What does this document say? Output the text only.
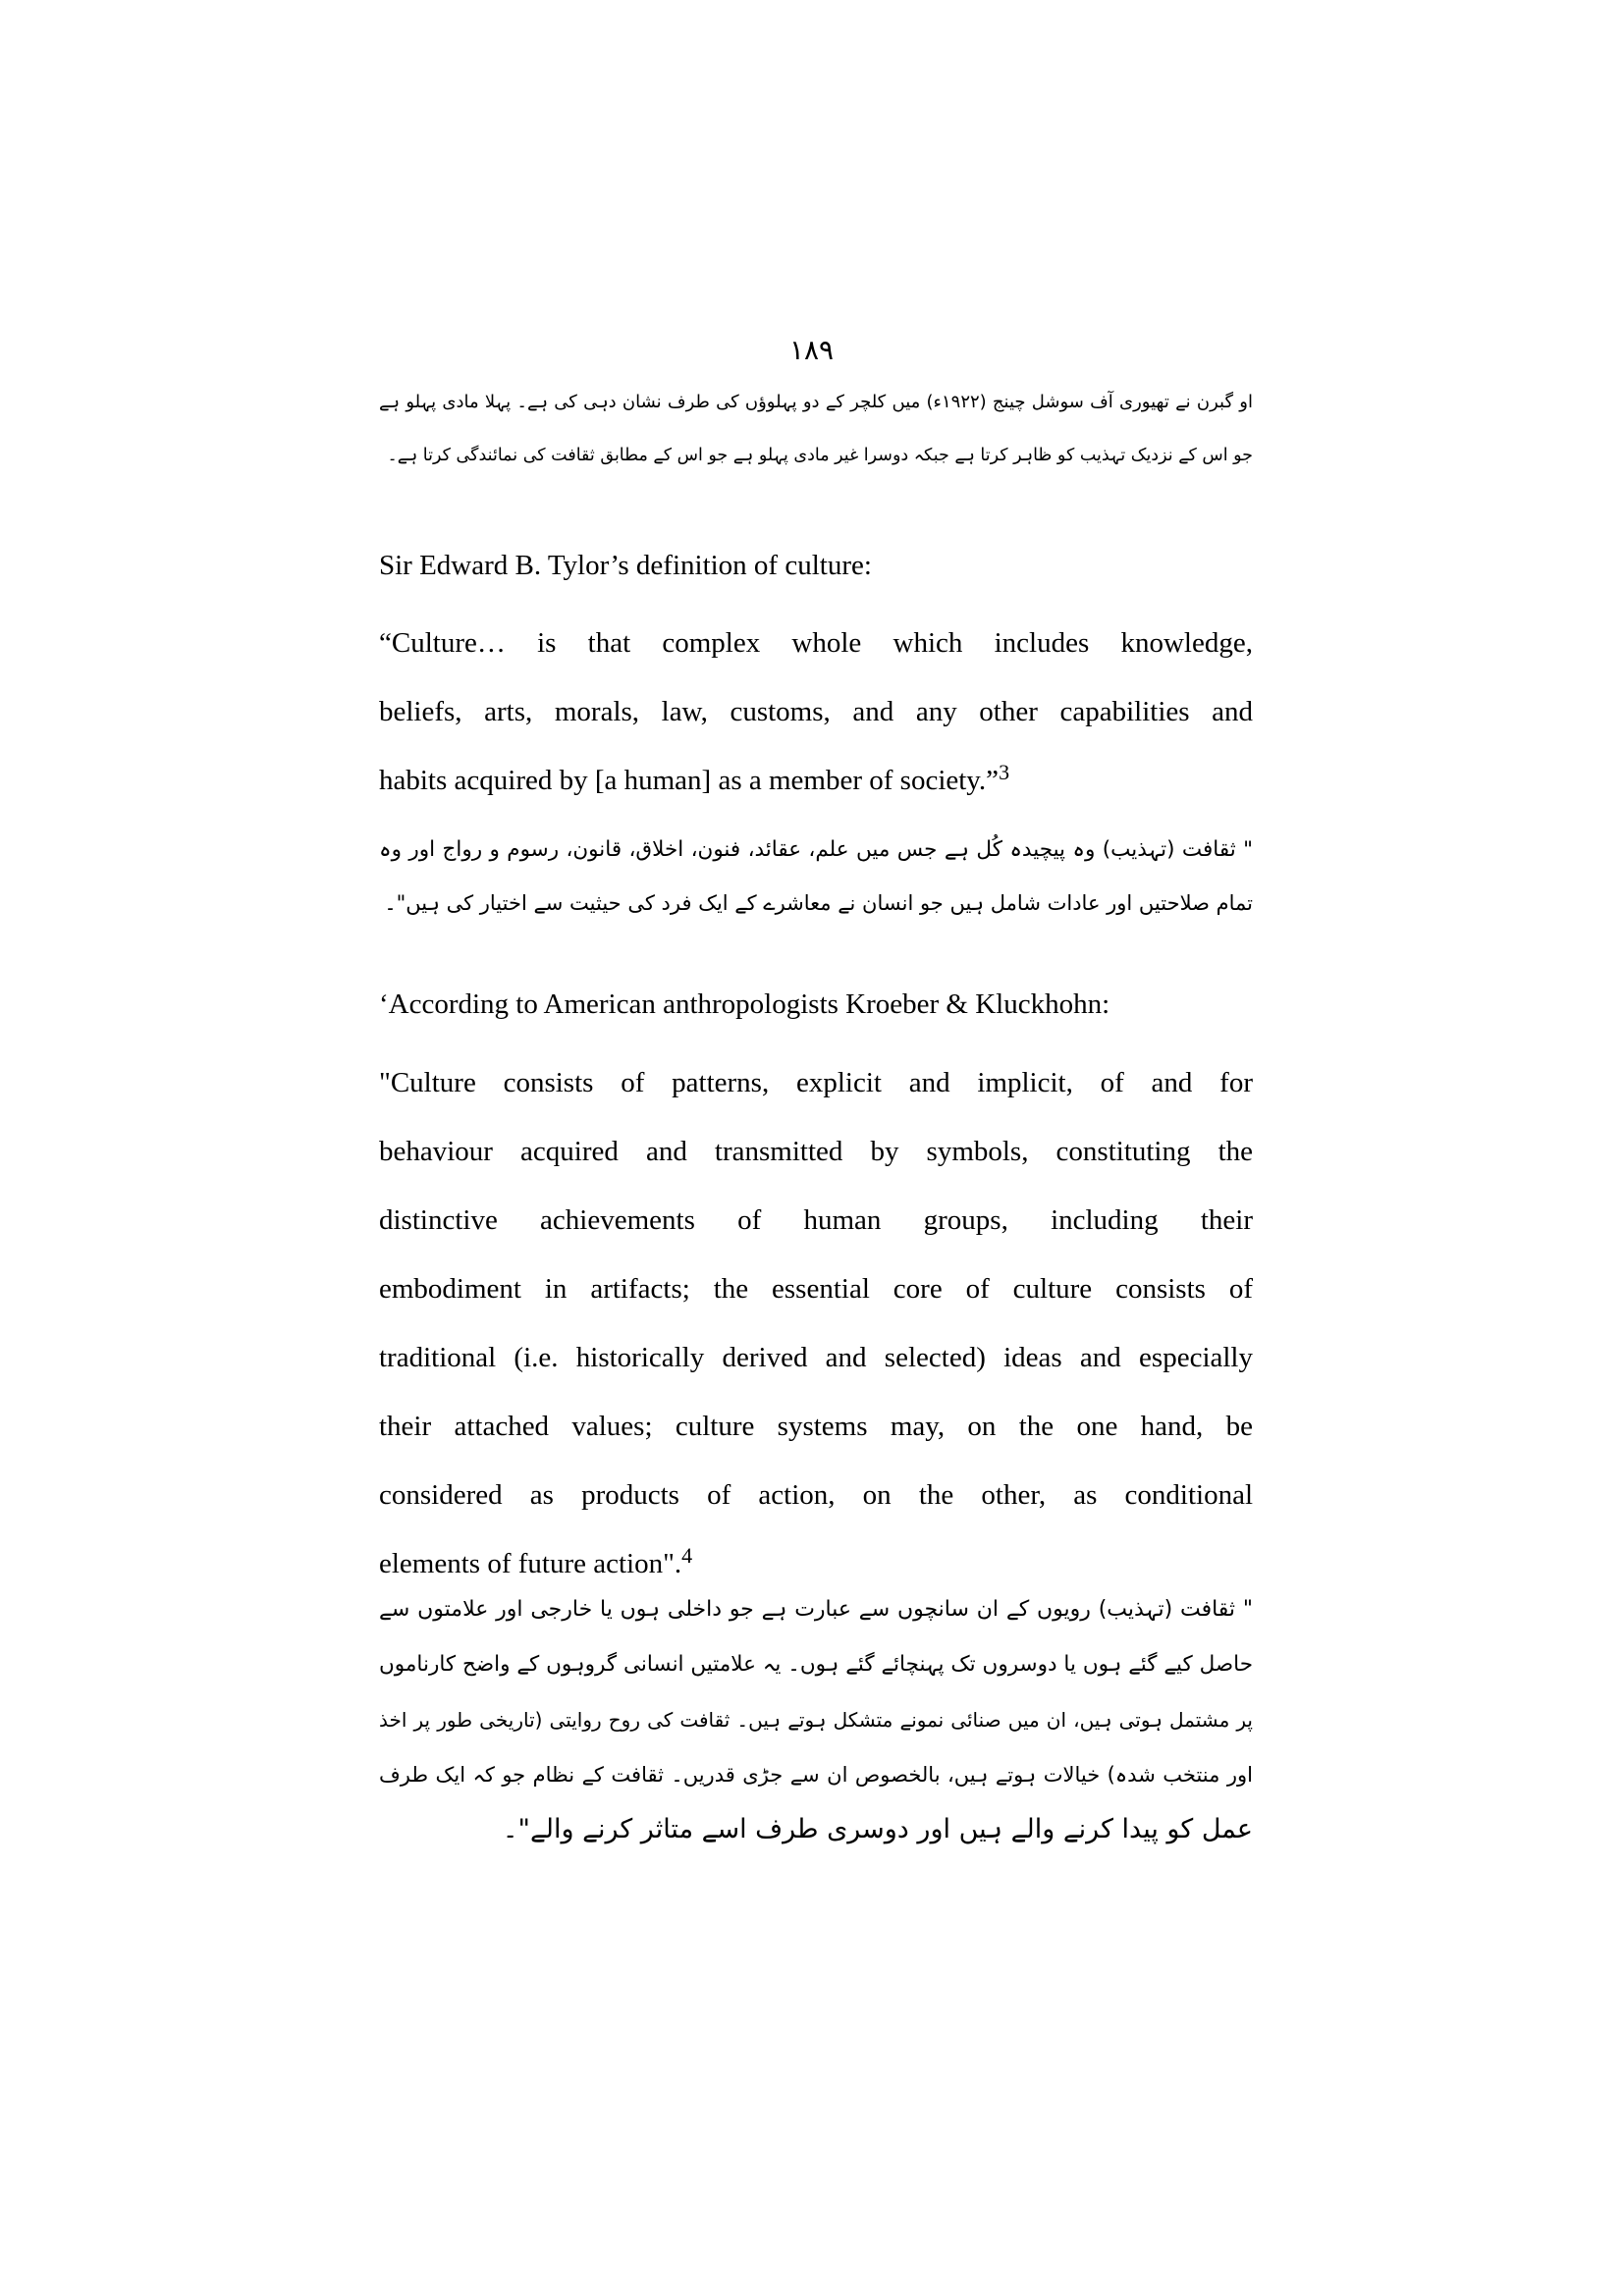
۱۸۹
او گبرن نے تھیوری آف سوشل چینج (۱۹۲۲ء) میں کلچر کے دو پہلوؤں کی طرف نشان دہی کی ہے۔ پہلا مادی پہلو ہے
جو اس کے نزدیک تہذیب کو ظاہر کرتا ہے جبکہ دوسرا غیر مادی پہلو ہے جو اس کے مطابق ثقافت کی نمائندگی کرتا ہے۔
Sir Edward B. Tylor’s definition of culture:
“Culture… is that complex whole which includes knowledge,
beliefs, arts, morals, law, customs, and any other capabilities and
habits acquired by [a human] as a member of society.”$^3$
" ثقافت (تہذیب) وہ پیچیدہ کُل ہے جس میں علم، عقائد، فنون، اخلاق، قانون، رسوم و رواج اور وہ
تمام صلاحتیں اور عادات شامل ہیں جو انسان نے معاشرے کے ایک فرد کی حیثیت سے اختیار کی ہیں"۔
‘According to American anthropologists Kroeber & Kluckhohn:
"Culture consists of patterns, explicit and implicit, of and for
behaviour acquired and transmitted by symbols, constituting the
distinctive achievements of human groups, including their
embodiment in artifacts; the essential core of culture consists of
traditional (i.e. historically derived and selected) ideas and especially
their attached values; culture systems may, on the one hand, be
considered as products of action, on the other, as conditional
elements of future action".$^4$
" ثقافت (تہذیب) رویوں کے ان سانچوں سے عبارت ہے جو داخلی ہوں یا خارجی اور علامتوں سے
حاصل کیے گئے ہوں یا دوسروں تک پہنچائے گئے ہوں۔ یہ علامتیں انسانی گروہوں کے واضح کارناموں
پر مشتمل ہوتی ہیں، ان میں صنائی نمونے متشکل ہوتے ہیں۔ ثقافت کی روح روایتی (تاریخی طور پر اخذ
اور منتخب شدہ) خیالات ہوتے ہیں، بالخصوص ان سے جڑی قدریں۔ ثقافت کے نظام جو کہ ایک طرف
عمل کو پیدا کرنے والے ہیں اور دوسری طرف اسے متاثر کرنے والے"۔
